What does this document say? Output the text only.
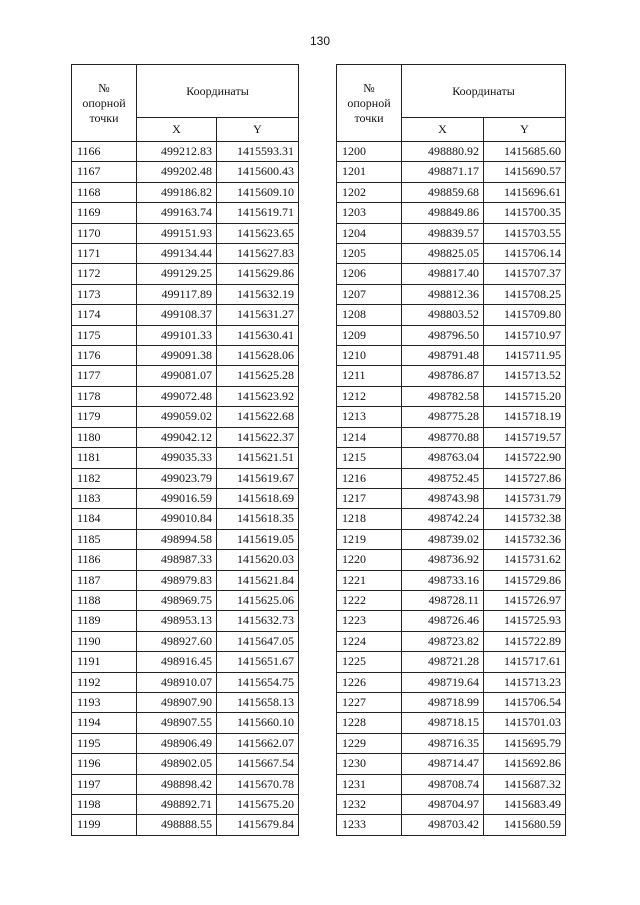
130
№
опорной
точки	Координаты	
	X	Y
1166	499212.83	1415593.31
1167	499202.48	1415600.43
1168	499186.82	1415609.10
1169	499163.74	1415619.71
1170	499151.93	1415623.65
1171	499134.44	1415627.83
1172	499129.25	1415629.86
1173	499117.89	1415632.19
1174	499108.37	1415631.27
1175	499101.33	1415630.41
1176	499091.38	1415628.06
1177	499081.07	1415625.28
1178	499072.48	1415623.92
1179	499059.02	1415622.68
1180	499042.12	1415622.37
1181	499035.33	1415621.51
1182	499023.79	1415619.67
1183	499016.59	1415618.69
1184	499010.84	1415618.35
1185	498994.58	1415619.05
1186	498987.33	1415620.03
1187	498979.83	1415621.84
1188	498969.75	1415625.06
1189	498953.13	1415632.73
1190	498927.60	1415647.05
1191	498916.45	1415651.67
1192	498910.07	1415654.75
1193	498907.90	1415658.13
1194	498907.55	1415660.10
1195	498906.49	1415662.07
1196	498902.05	1415667.54
1197	498898.42	1415670.78
1198	498892.71	1415675.20
1199	498888.55	1415679.84
№
опорной
точки	Координаты	
	X	Y
1200	498880.92	1415685.60
1201	498871.17	1415690.57
1202	498859.68	1415696.61
1203	498849.86	1415700.35
1204	498839.57	1415703.55
1205	498825.05	1415706.14
1206	498817.40	1415707.37
1207	498812.36	1415708.25
1208	498803.52	1415709.80
1209	498796.50	1415710.97
1210	498791.48	1415711.95
1211	498786.87	1415713.52
1212	498782.58	1415715.20
1213	498775.28	1415718.19
1214	498770.88	1415719.57
1215	498763.04	1415722.90
1216	498752.45	1415727.86
1217	498743.98	1415731.79
1218	498742.24	1415732.38
1219	498739.02	1415732.36
1220	498736.92	1415731.62
1221	498733.16	1415729.86
1222	498728.11	1415726.97
1223	498726.46	1415725.93
1224	498723.82	1415722.89
1225	498721.28	1415717.61
1226	498719.64	1415713.23
1227	498718.99	1415706.54
1228	498718.15	1415701.03
1229	498716.35	1415695.79
1230	498714.47	1415692.86
1231	498708.74	1415687.32
1232	498704.97	1415683.49
1233	498703.42	1415680.59
